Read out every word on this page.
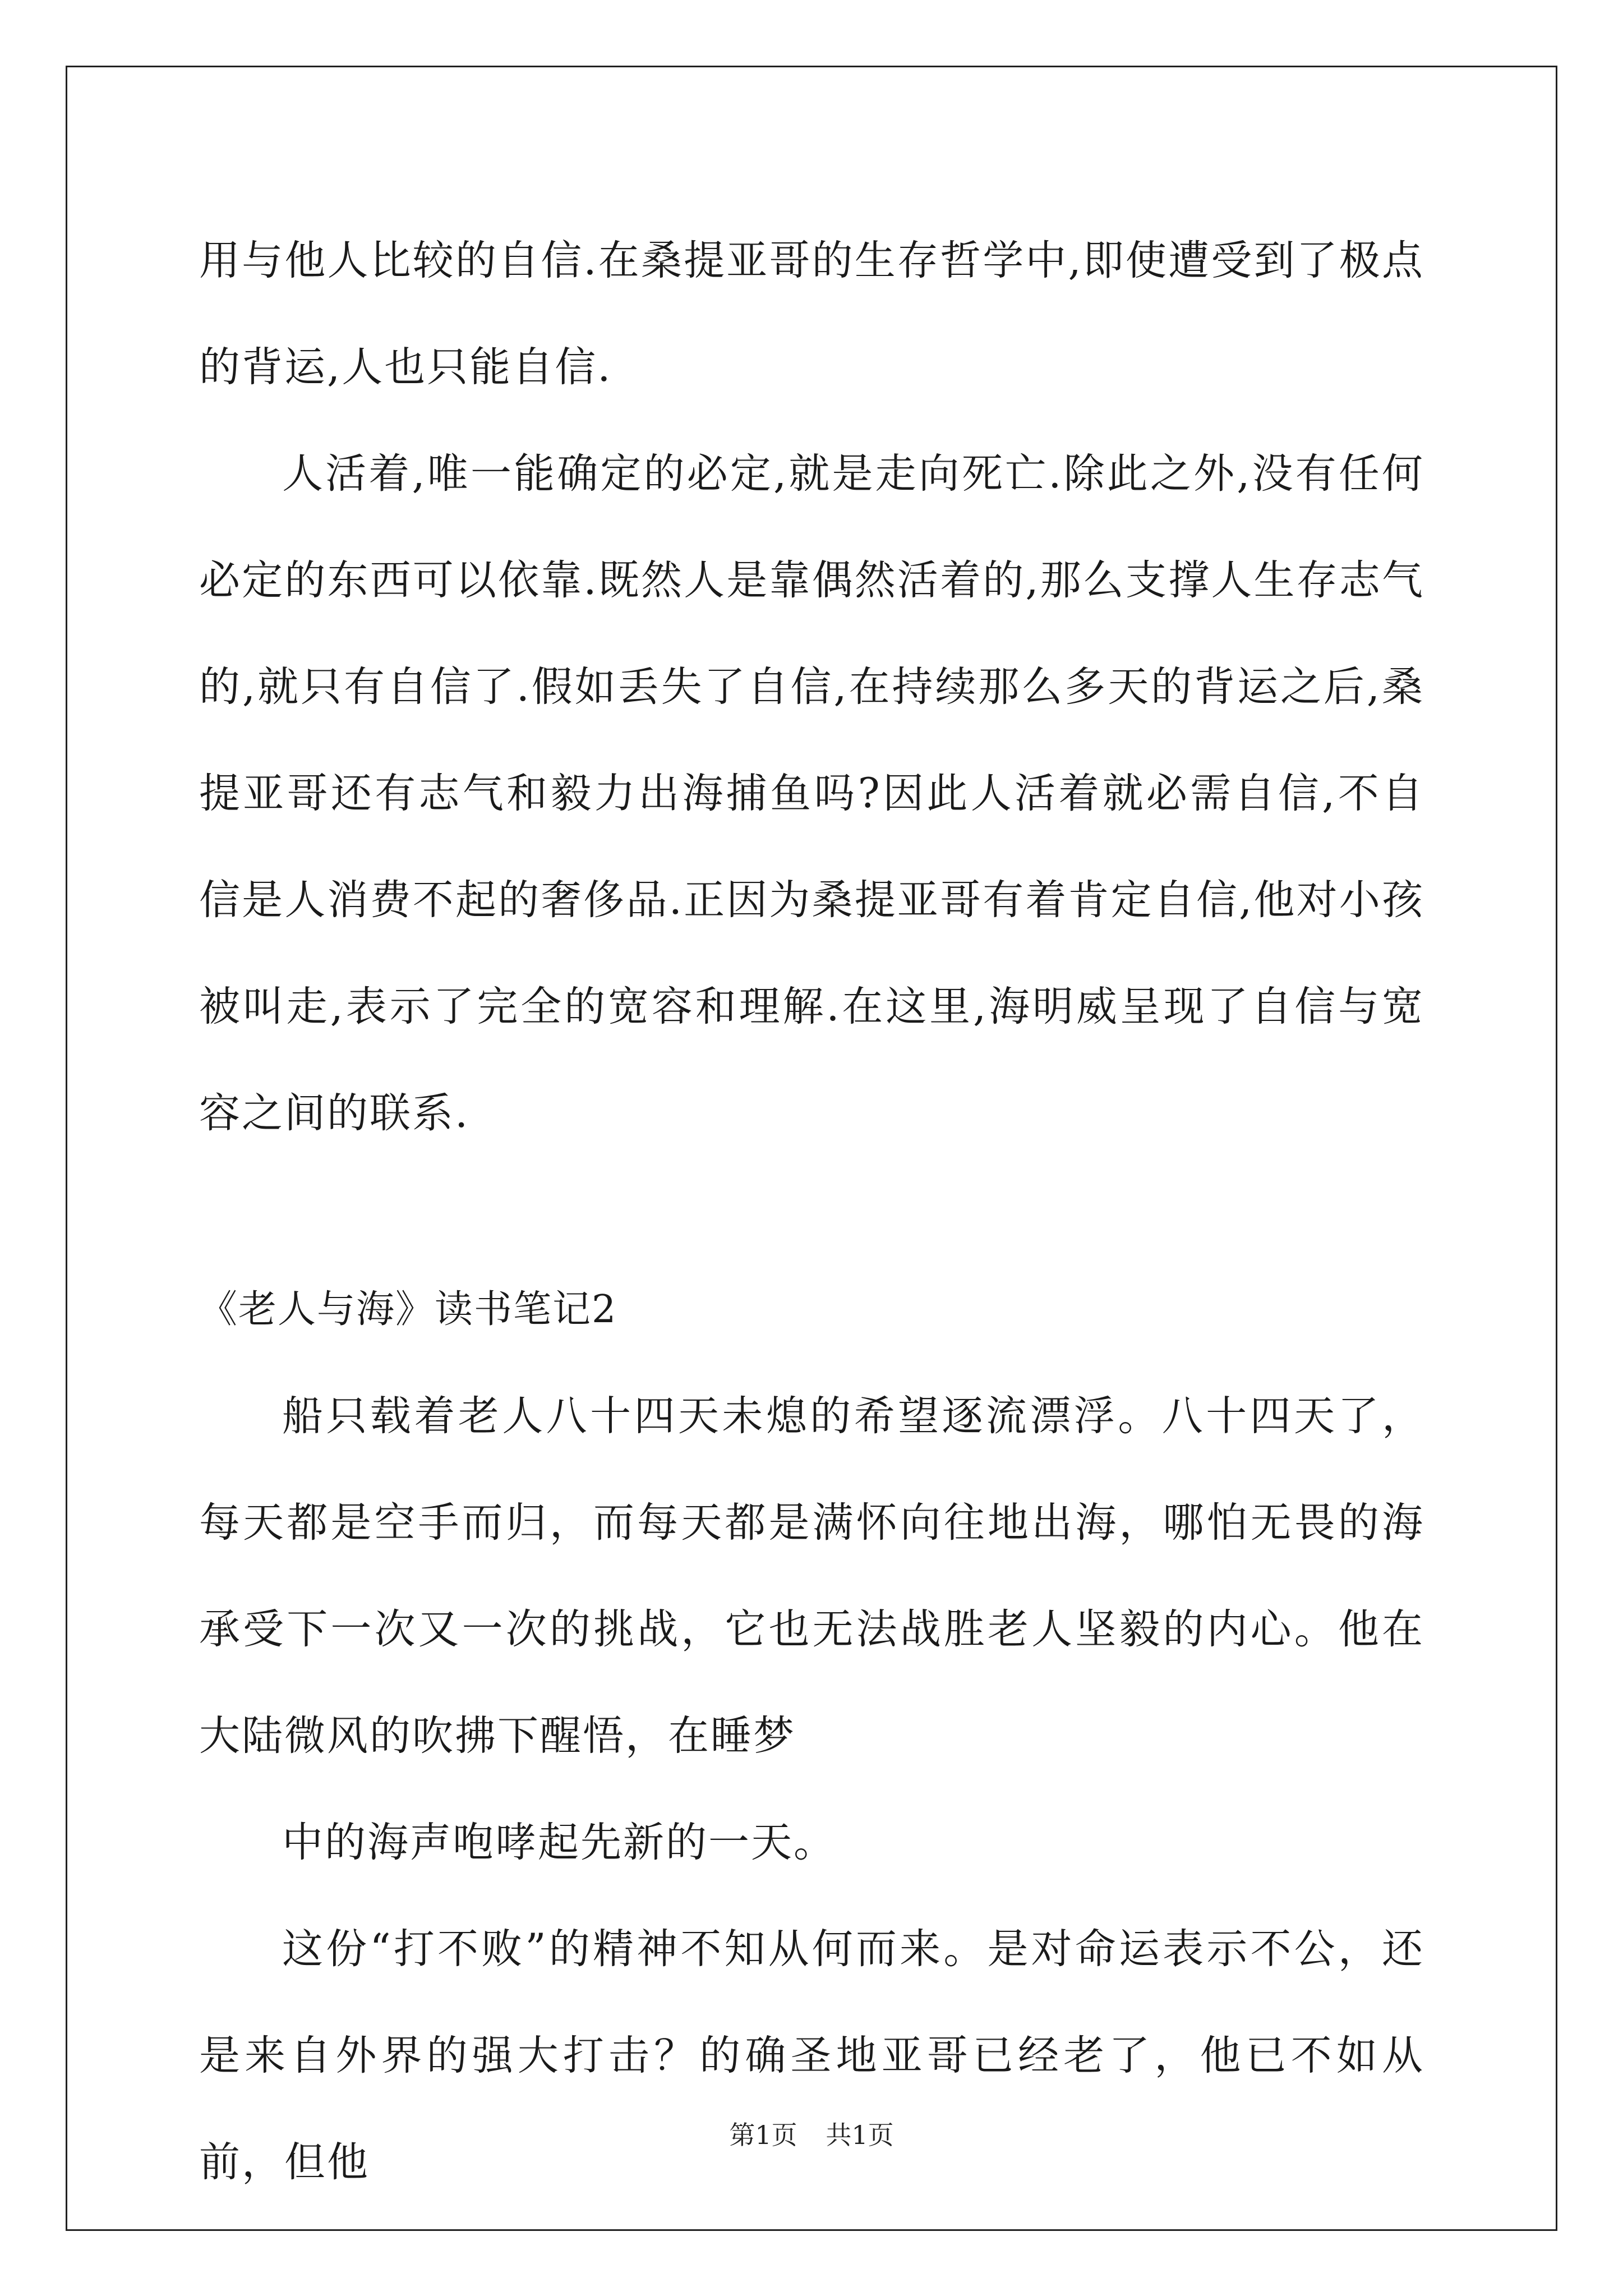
用与他人比较的自信.在桑提亚哥的生存哲学中,即使遭受到了极点的背运,人也只能自信.

人活着,唯一能确定的必定,就是走向死亡.除此之外,没有任何必定的东西可以依靠.既然人是靠偶然活着的,那么支撑人生存志气的,就只有自信了.假如丢失了自信,在持续那么多天的背运之后,桑提亚哥还有志气和毅力出海捕鱼吗?因此人活着就必需自信,不自信是人消费不起的奢侈品.正因为桑提亚哥有着肯定自信,他对小孩被叫走,表示了完全的宽容和理解.在这里,海明威呈现了自信与宽容之间的联系.

《老人与海》读书笔记2

船只载着老人八十四天未熄的希望逐流漂浮。八十四天了，每天都是空手而归，而每天都是满怀向往地出海，哪怕无畏的海承受下一次又一次的挑战，它也无法战胜老人坚毅的内心。他在大陆微风的吹拂下醒悟，在睡梦

中的海声咆哮起先新的一天。

这份“打不败”的精神不知从何而来。是对命运表示不公，还是来自外界的强大打击？的确圣地亚哥已经老了，他已不如从前，但他

第1页 共1页
